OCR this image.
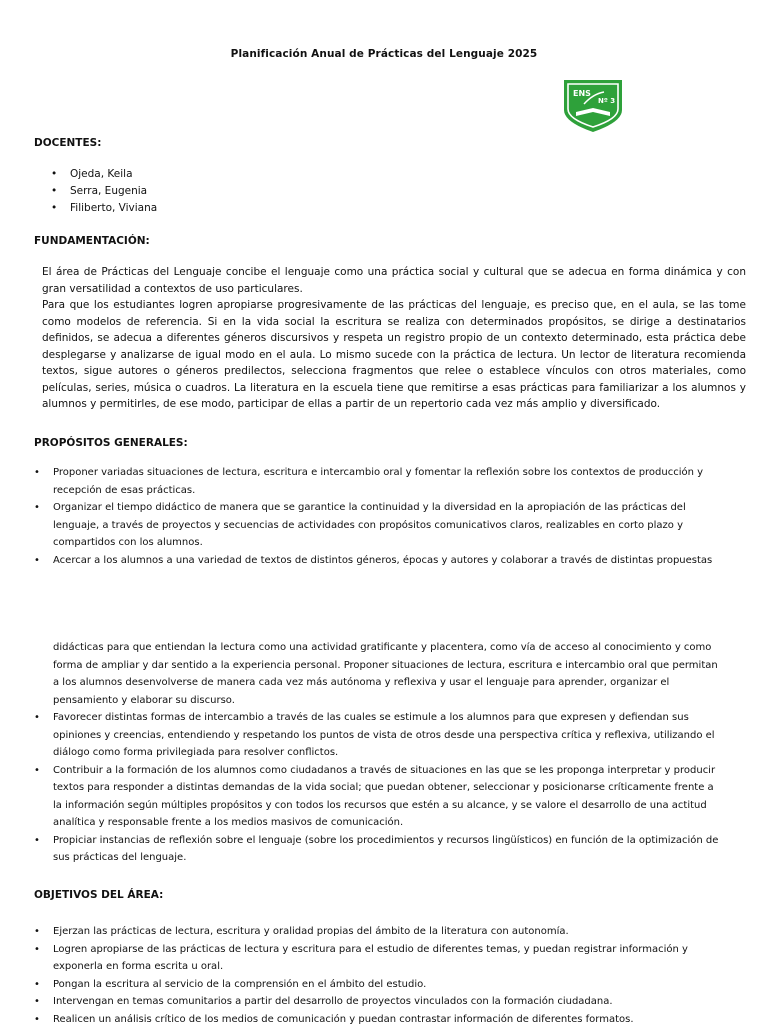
Planificación Anual de Prácticas del Lenguaje 2025
ENS
Nº 3
DOCENTES:
• Ojeda, Keila
• Serra, Eugenia
• Filiberto, Viviana
FUNDAMENTACIÓN:

El área de Prácticas del Lenguaje concibe el lenguaje como una práctica social y cultural que se adecua en forma dinámica y con gran versatilidad a contextos de uso particulares.

Para que los estudiantes logren apropiarse progresivamente de las prácticas del lenguaje, es preciso que, en el aula, se las tome como modelos de referencia. Si en la vida social la escritura se realiza con determinados propósitos, se dirige a destinatarios definidos, se adecua a diferentes géneros discursivos y respeta un registro propio de un contexto determinado, esta práctica debe desplegarse y analizarse de igual modo en el aula. Lo mismo sucede con la práctica de lectura. Un lector de literatura recomienda textos, sigue autores o géneros predilectos, selecciona fragmentos que relee o establece vínculos con otros materiales, como películas, series, música o cuadros. La literatura en la escuela tiene que remitirse a esas prácticas para familiarizar a los alumnos y alumnos y permitirles, de ese modo, participar de ellas a partir de un repertorio cada vez más amplio y diversificado.

PROPÓSITOS GENERALES:
• Proponer variadas situaciones de lectura, escritura e intercambio oral y fomentar la reflexión sobre los contextos de producción y recepción de esas prácticas.
• Organizar el tiempo didáctico de manera que se garantice la continuidad y la diversidad en la apropiación de las prácticas del lenguaje, a través de proyectos y secuencias de actividades con propósitos comunicativos claros, realizables en corto plazo y compartidos con los alumnos.
• Acercar a los alumnos a una variedad de textos de distintos géneros, épocas y autores y colaborar a través de distintas propuestas
didácticas para que entiendan la lectura como una actividad gratificante y placentera, como vía de acceso al conocimiento y como forma de ampliar y dar sentido a la experiencia personal. Proponer situaciones de lectura, escritura e intercambio oral que permitan a los alumnos desenvolverse de manera cada vez más autónoma y reflexiva y usar el lenguaje para aprender, organizar el pensamiento y elaborar su discurso.
• Favorecer distintas formas de intercambio a través de las cuales se estimule a los alumnos para que expresen y defiendan sus opiniones y creencias, entendiendo y respetando los puntos de vista de otros desde una perspectiva crítica y reflexiva, utilizando el diálogo como forma privilegiada para resolver conflictos.
• Contribuir a la formación de los alumnos como ciudadanos a través de situaciones en las que se les proponga interpretar y producir textos para responder a distintas demandas de la vida social; que puedan obtener, seleccionar y posicionarse críticamente frente a la información según múltiples propósitos y con todos los recursos que estén a su alcance, y se valore el desarrollo de una actitud analítica y responsable frente a los medios masivos de comunicación.
• Propiciar instancias de reflexión sobre el lenguaje (sobre los procedimientos y recursos lingüísticos) en función de la optimización de sus prácticas del lenguaje.
OBJETIVOS DEL ÁREA:
• Ejerzan las prácticas de lectura, escritura y oralidad propias del ámbito de la literatura con autonomía.
• Logren apropiarse de las prácticas de lectura y escritura para el estudio de diferentes temas, y puedan registrar información y exponerla en forma escrita u oral.
• Pongan la escritura al servicio de la comprensión en el ámbito del estudio.
• Intervengan en temas comunitarios a partir del desarrollo de proyectos vinculados con la formación ciudadana.
• Realicen un análisis crítico de los medios de comunicación y puedan contrastar información de diferentes formatos.
